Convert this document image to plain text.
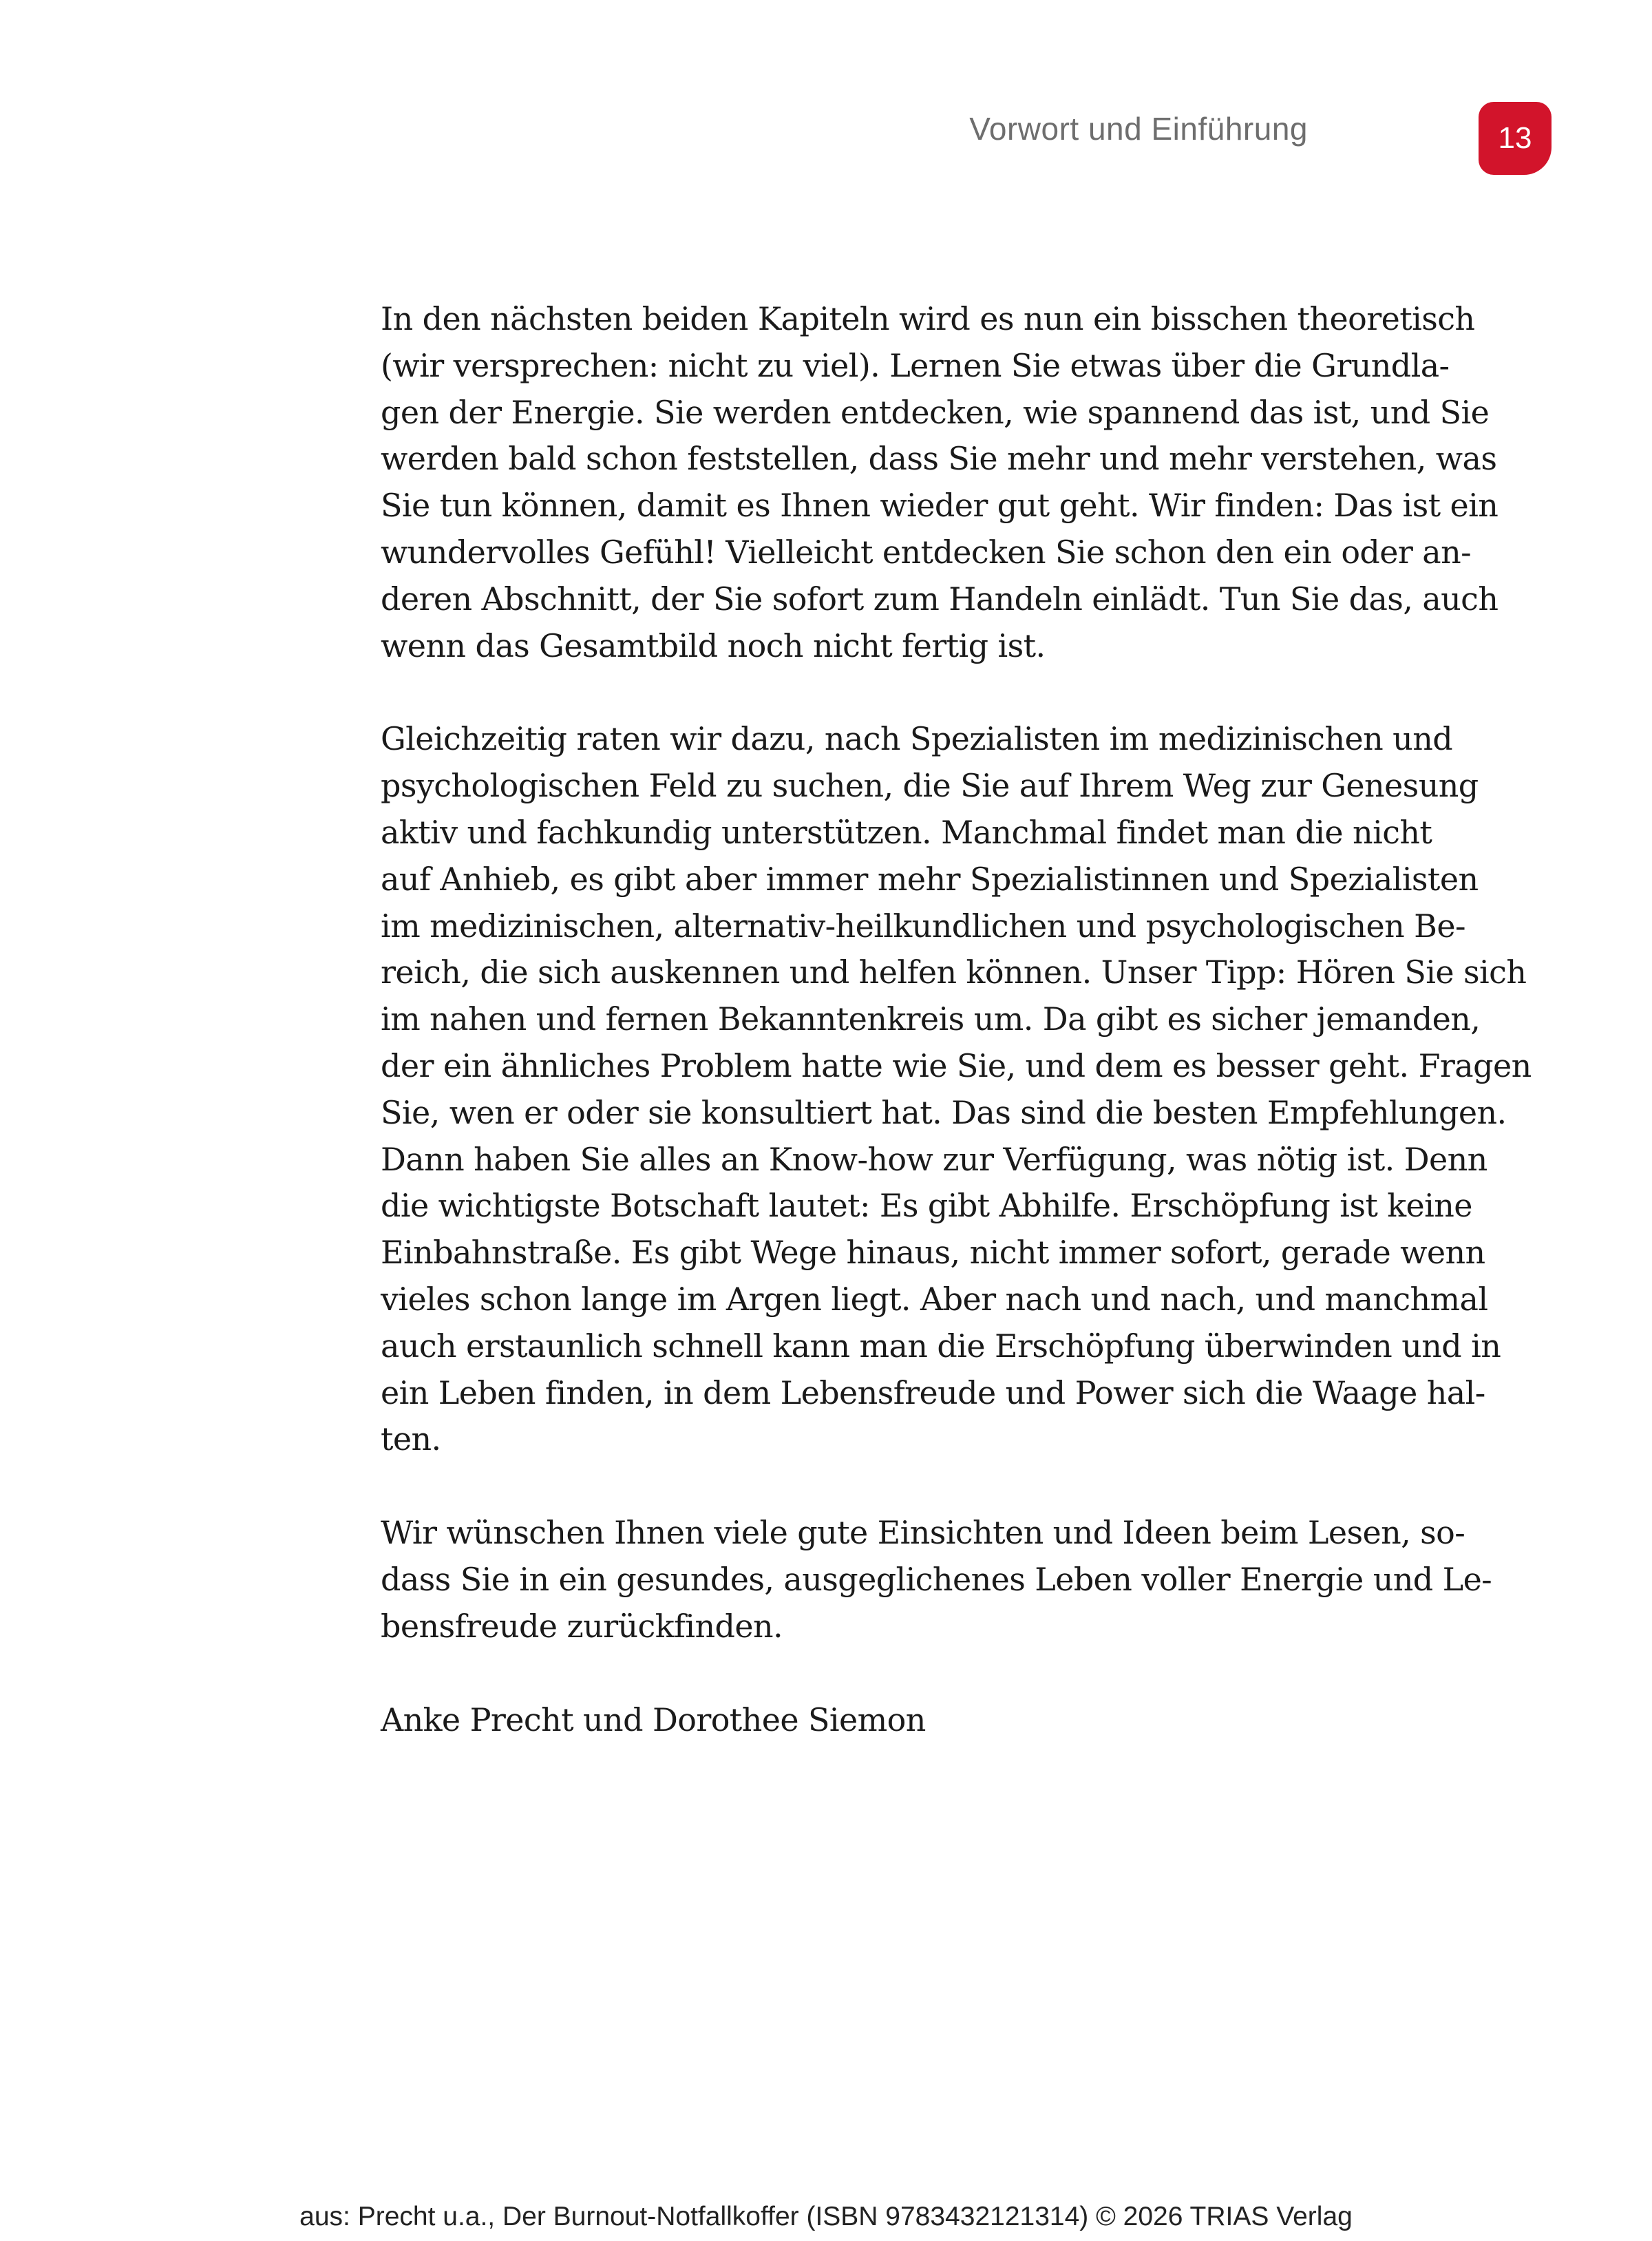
Vorwort und Einführung	13

In den nächsten beiden Kapiteln wird es nun ein bisschen theoretisch
(wir versprechen: nicht zu viel). Lernen Sie etwas über die Grundla-
gen der Energie. Sie werden entdecken, wie spannend das ist, und Sie
werden bald schon feststellen, dass Sie mehr und mehr verstehen, was
Sie tun können, damit es Ihnen wieder gut geht. Wir finden: Das ist ein
wundervolles Gefühl! Vielleicht entdecken Sie schon den ein oder an-
deren Abschnitt, der Sie sofort zum Handeln einlädt. Tun Sie das, auch
wenn das Gesamtbild noch nicht fertig ist.

Gleichzeitig raten wir dazu, nach Spezialisten im medizinischen und
psychologischen Feld zu suchen, die Sie auf Ihrem Weg zur Genesung
aktiv und fachkundig unterstützen. Manchmal findet man die nicht
auf Anhieb, es gibt aber immer mehr Spezialistinnen und Spezialisten
im medizinischen, alternativ-heilkundlichen und psychologischen Be-
reich, die sich auskennen und helfen können. Unser Tipp: Hören Sie sich
im nahen und fernen Bekanntenkreis um. Da gibt es sicher jemanden,
der ein ähnliches Problem hatte wie Sie, und dem es besser geht. Fragen
Sie, wen er oder sie konsultiert hat. Das sind die besten Empfehlungen.
Dann haben Sie alles an Know-how zur Verfügung, was nötig ist. Denn
die wichtigste Botschaft lautet: Es gibt Abhilfe. Erschöpfung ist keine
Einbahnstraße. Es gibt Wege hinaus, nicht immer sofort, gerade wenn
vieles schon lange im Argen liegt. Aber nach und nach, und manchmal
auch erstaunlich schnell kann man die Erschöpfung überwinden und in
ein Leben finden, in dem Lebensfreude und Power sich die Waage hal-
ten.

Wir wünschen Ihnen viele gute Einsichten und Ideen beim Lesen, so-
dass Sie in ein gesundes, ausgeglichenes Leben voller Energie und Le-
bensfreude zurückfinden.

Anke Precht und Dorothee Siemon

aus: Precht u.a., Der Burnout-Notfallkoffer (ISBN 9783432121314) © 2026 TRIAS Verlag
